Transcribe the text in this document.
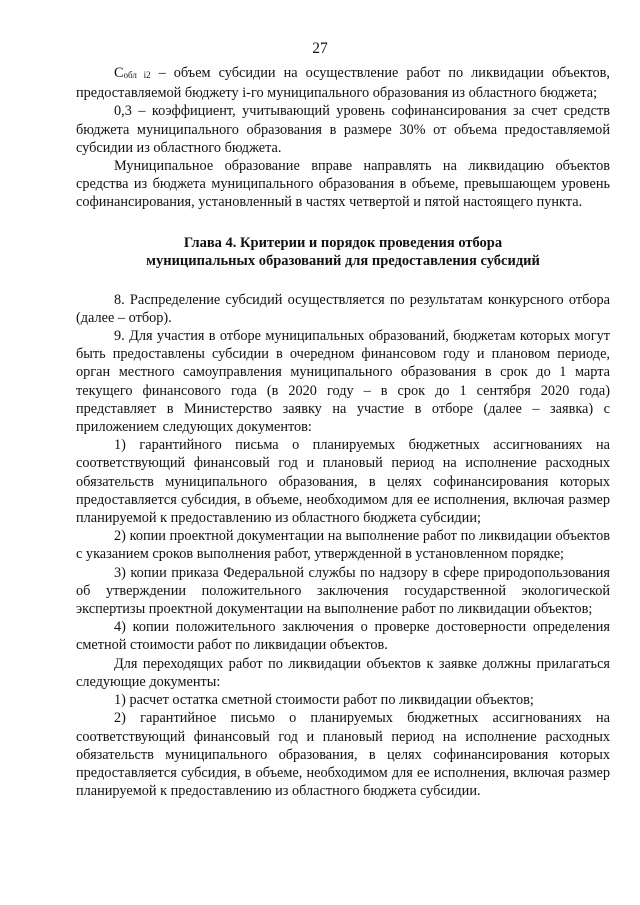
27

$C_{обл i2}$ – объем субсидии на осуществление работ по ликвидации объектов, предоставляемой бюджету i-го муниципального образования из областного бюджета;

0,3 – коэффициент, учитывающий уровень софинансирования за счет средств бюджета муниципального образования в размере 30% от объема предоставляемой субсидии из областного бюджета.

Муниципальное образование вправе направлять на ликвидацию объектов средства из бюджета муниципального образования в объеме, превышающем уровень софинансирования, установленный в частях четвертой и пятой настоящего пункта.

Глава 4. Критерии и порядок проведения отбора
муниципальных образований для предоставления субсидий

8. Распределение субсидий осуществляется по результатам конкурсного отбора (далее – отбор).

9. Для участия в отборе муниципальных образований, бюджетам которых могут быть предоставлены субсидии в очередном финансовом году и плановом периоде, орган местного самоуправления муниципального образования в срок до 1 марта текущего финансового года (в 2020 году – в срок до 1 сентября 2020 года) представляет в Министерство заявку на участие в отборе (далее – заявка) с приложением следующих документов:

1) гарантийного письма о планируемых бюджетных ассигнованиях на соответствующий финансовый год и плановый период на исполнение расходных обязательств муниципального образования, в целях софинансирования которых предоставляется субсидия, в объеме, необходимом для ее исполнения, включая размер планируемой к предоставлению из областного бюджета субсидии;

2) копии проектной документации на выполнение работ по ликвидации объектов с указанием сроков выполнения работ, утвержденной в установленном порядке;

3) копии приказа Федеральной службы по надзору в сфере природопользования об утверждении положительного заключения государственной экологической экспертизы проектной документации на выполнение работ по ликвидации объектов;

4) копии положительного заключения о проверке достоверности определения сметной стоимости работ по ликвидации объектов.

Для переходящих работ по ликвидации объектов к заявке должны прилагаться следующие документы:

1) расчет остатка сметной стоимости работ по ликвидации объектов;

2) гарантийное письмо о планируемых бюджетных ассигнованиях на соответствующий финансовый год и плановый период на исполнение расходных обязательств муниципального образования, в целях софинансирования которых предоставляется субсидия, в объеме, необходимом для ее исполнения, включая размер планируемой к предоставлению из областного бюджета субсидии.
